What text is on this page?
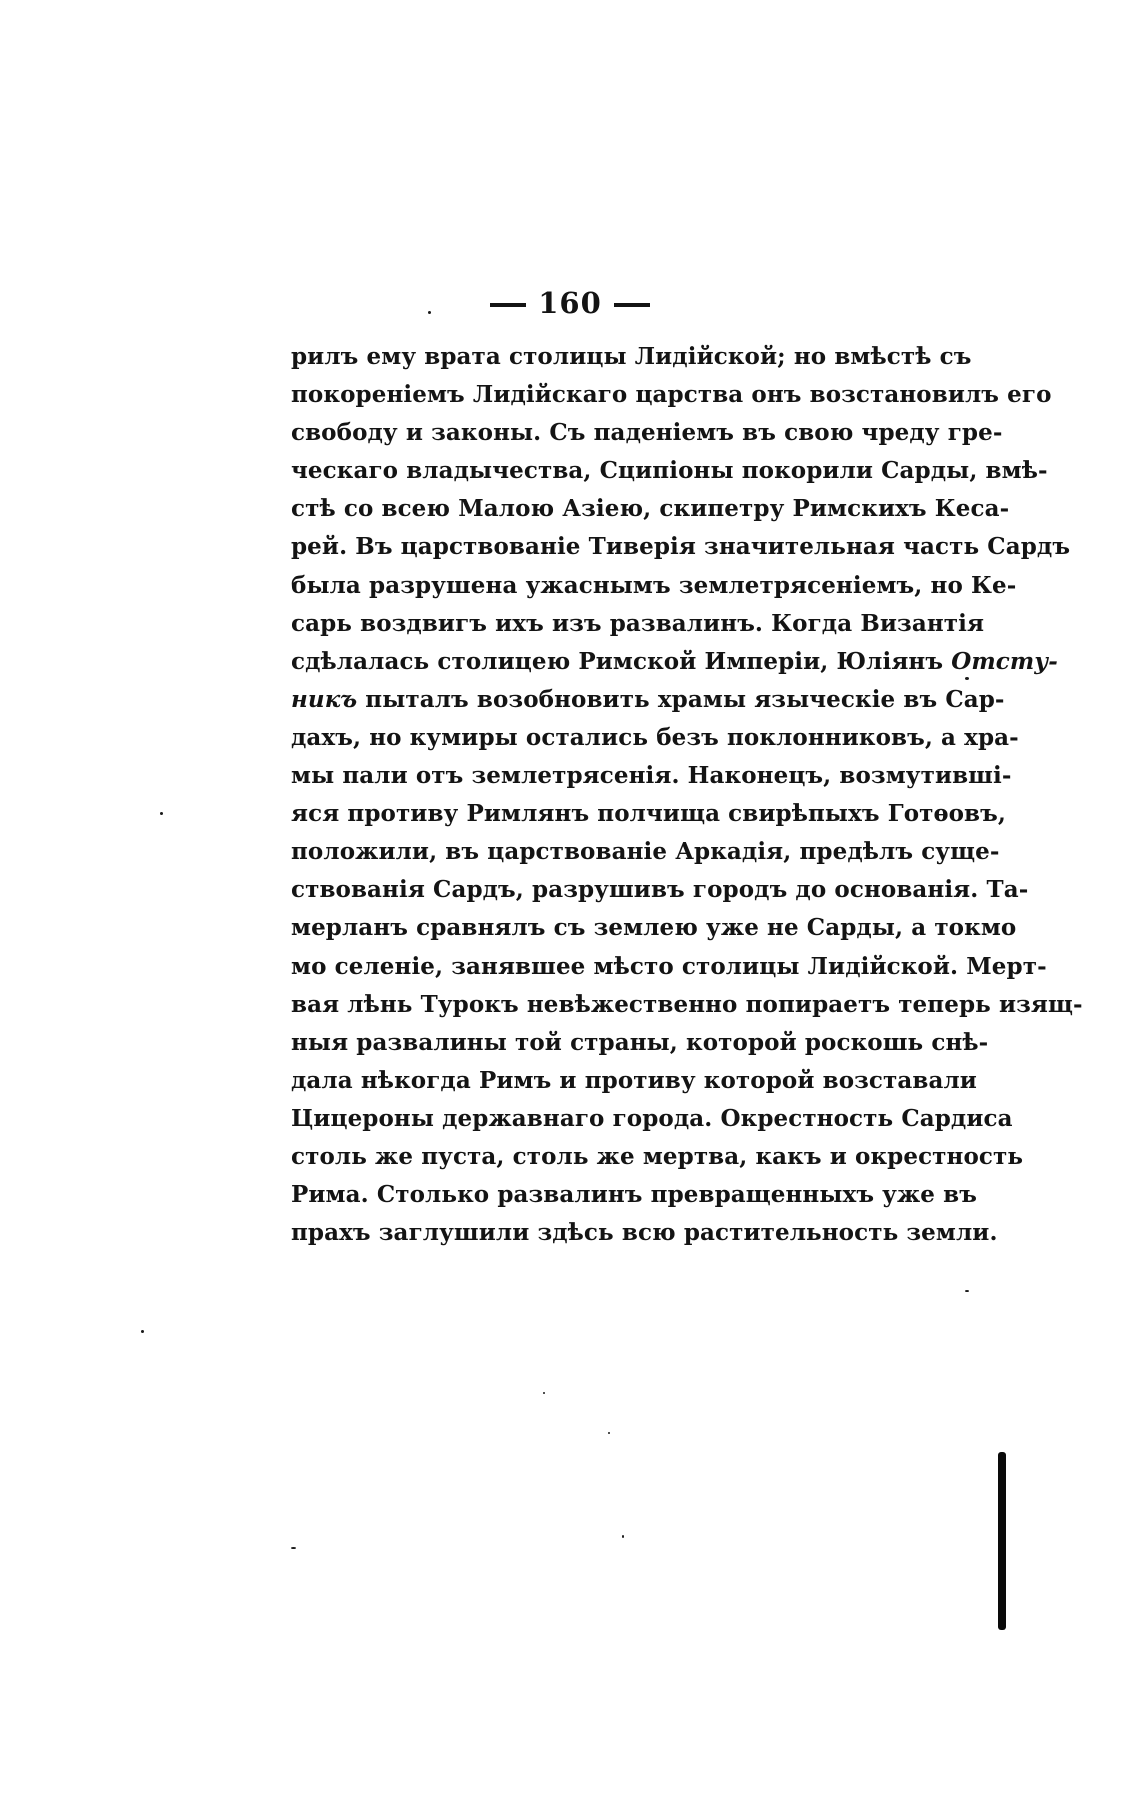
160
рилъ ему врата столицы Лидійской; но вмѣстѣ съ
покореніемъ Лидійскаго царства онъ возстановилъ его
свободу и законы. Съ паденіемъ въ свою чреду гре-
ческаго владычества, Сципіоны покорили Сарды, вмѣ-
стѣ со всею Малою Азіею, скипетру Римскихъ Кеса-
рей. Въ царствованіе Тиверія значительная часть Сардъ
была разрушена ужаснымъ землетрясеніемъ, но Ке-
сарь воздвигъ ихъ изъ развалинъ. Когда Византія
сдѣлалась столицею Римской Имперіи, Юліянъ Отсту-
никъ пыталъ возобновить храмы языческіе въ Сар-
дахъ, но кумиры остались безъ поклонниковъ, а хра-
мы пали отъ землетрясенія. Наконецъ, возмутивші-
яся противу Римлянъ полчища свирѣпыхъ Готѳовъ,
положили, въ царствованіе Аркадія, предѣлъ суще-
ствованія Сардъ, разрушивъ городъ до основанія. Та-
мерланъ сравнялъ съ землею уже не Сарды, а токмо
мо селеніе, занявшее мѣсто столицы Лидійской. Мерт-
вая лѣнь Турокъ невѣжественно попираетъ теперь изящ-
ныя развалины той страны, которой роскошь снѣ-
дала нѣкогда Римъ и противу которой возставали
Цицероны державнаго города. Окрестность Сардиса
столь же пуста, столь же мертва, какъ и окрестность
Рима. Столько развалинъ превращенныхъ уже въ
прахъ заглушили здѣсь всю растительность земли.
